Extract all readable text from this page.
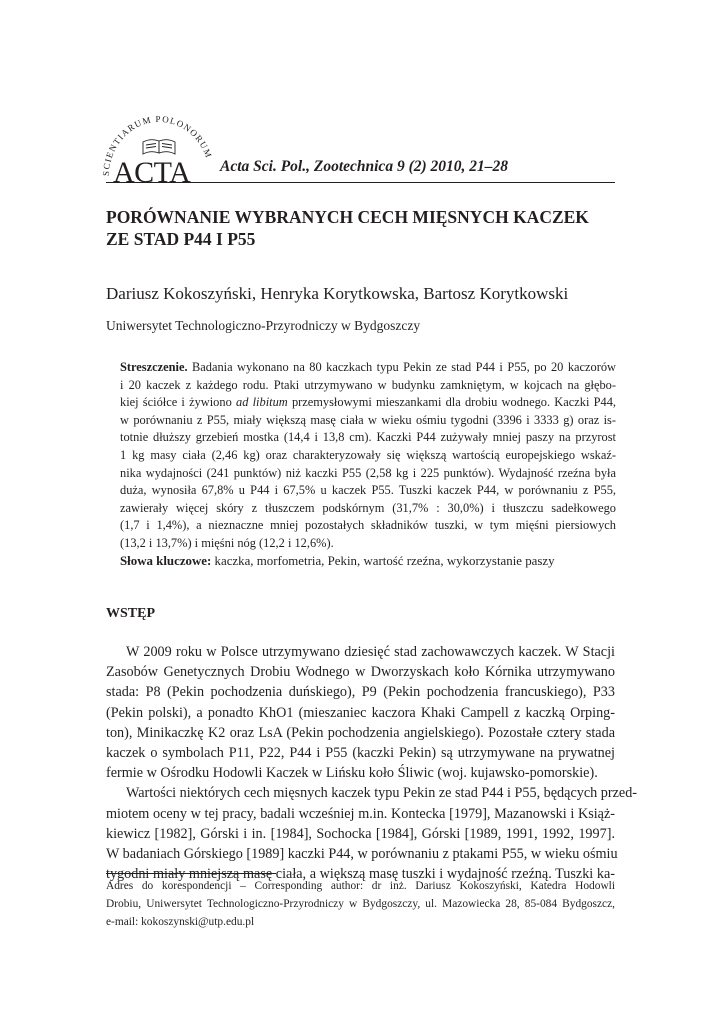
SCIENTIARUM POLONORUM
ACTA Acta Sci. Pol., Zootechnica 9 (2) 2010, 21–28
PORÓWNANIE WYBRANYCH CECH MIĘSNYCH KACZEK
ZE STAD P44 I P55
Dariusz Kokoszyński, Henryka Korytkowska, Bartosz Korytkowski
Uniwersytet Technologiczno-Przyrodniczy w Bydgoszczy
Streszczenie. Badania wykonano na 80 kaczkach typu Pekin ze stad P44 i P55, po 20 kaczorów
i 20 kaczek z każdego rodu. Ptaki utrzymywano w budynku zamkniętym, w kojcach na głębo-
kiej ściółce i żywiono ad libitum przemysłowymi mieszankami dla drobiu wodnego. Kaczki P44,
w porównaniu z P55, miały większą masę ciała w wieku ośmiu tygodni (3396 i 3333 g) oraz is-
totnie dłuższy grzebień mostka (14,4 i 13,8 cm). Kaczki P44 zużywały mniej paszy na przyrost
1 kg masy ciała (2,46 kg) oraz charakteryzowały się większą wartością europejskiego wskaź-
nika wydajności (241 punktów) niż kaczki P55 (2,58 kg i 225 punktów). Wydajność rzeźna była
duża, wynosiła 67,8% u P44 i 67,5% u kaczek P55. Tuszki kaczek P44, w porównaniu z P55,
zawierały więcej skóry z tłuszczem podskórnym (31,7% : 30,0%) i tłuszczu sadełkowego
(1,7 i 1,4%), a nieznaczne mniej pozostałych składników tuszki, w tym mięśni piersiowych
(13,2 i 13,7%) i mięśni nóg (12,2 i 12,6%).
Słowa kluczowe: kaczka, morfometria, Pekin, wartość rzeźna, wykorzystanie paszy
WSTĘP
W 2009 roku w Polsce utrzymywano dziesięć stad zachowawczych kaczek. W Stacji
Zasobów Genetycznych Drobiu Wodnego w Dworzyskach koło Kórnika utrzymywano
stada: P8 (Pekin pochodzenia duńskiego), P9 (Pekin pochodzenia francuskiego), P33
(Pekin polski), a ponadto KhO1 (mieszaniec kaczora Khaki Campell z kaczką Orping-
ton), Minikaczkę K2 oraz LsA (Pekin pochodzenia angielskiego). Pozostałe cztery stada
kaczek o symbolach P11, P22, P44 i P55 (kaczki Pekin) są utrzymywane na prywatnej
fermie w Ośrodku Hodowli Kaczek w Lińsku koło Śliwic (woj. kujawsko-pomorskie).
Wartości niektórych cech mięsnych kaczek typu Pekin ze stad P44 i P55, będących przed-
miotem oceny w tej pracy, badali wcześniej m.in. Kontecka [1979], Mazanowski i Książ-
kiewicz [1982], Górski i in. [1984], Sochocka [1984], Górski [1989, 1991, 1992, 1997].
W badaniach Górskiego [1989] kaczki P44, w porównaniu z ptakami P55, w wieku ośmiu
tygodni miały mniejszą masę ciała, a większą masę tuszki i wydajność rzeźną. Tuszki ka-
Adres do korespondencji – Corresponding author: dr inż. Dariusz Kokoszyński, Katedra Hodowli
Drobiu, Uniwersytet Technologiczno-Przyrodniczy w Bydgoszczy, ul. Mazowiecka 28, 85-084 Bydgoszcz,
e-mail: kokoszynski@utp.edu.pl
